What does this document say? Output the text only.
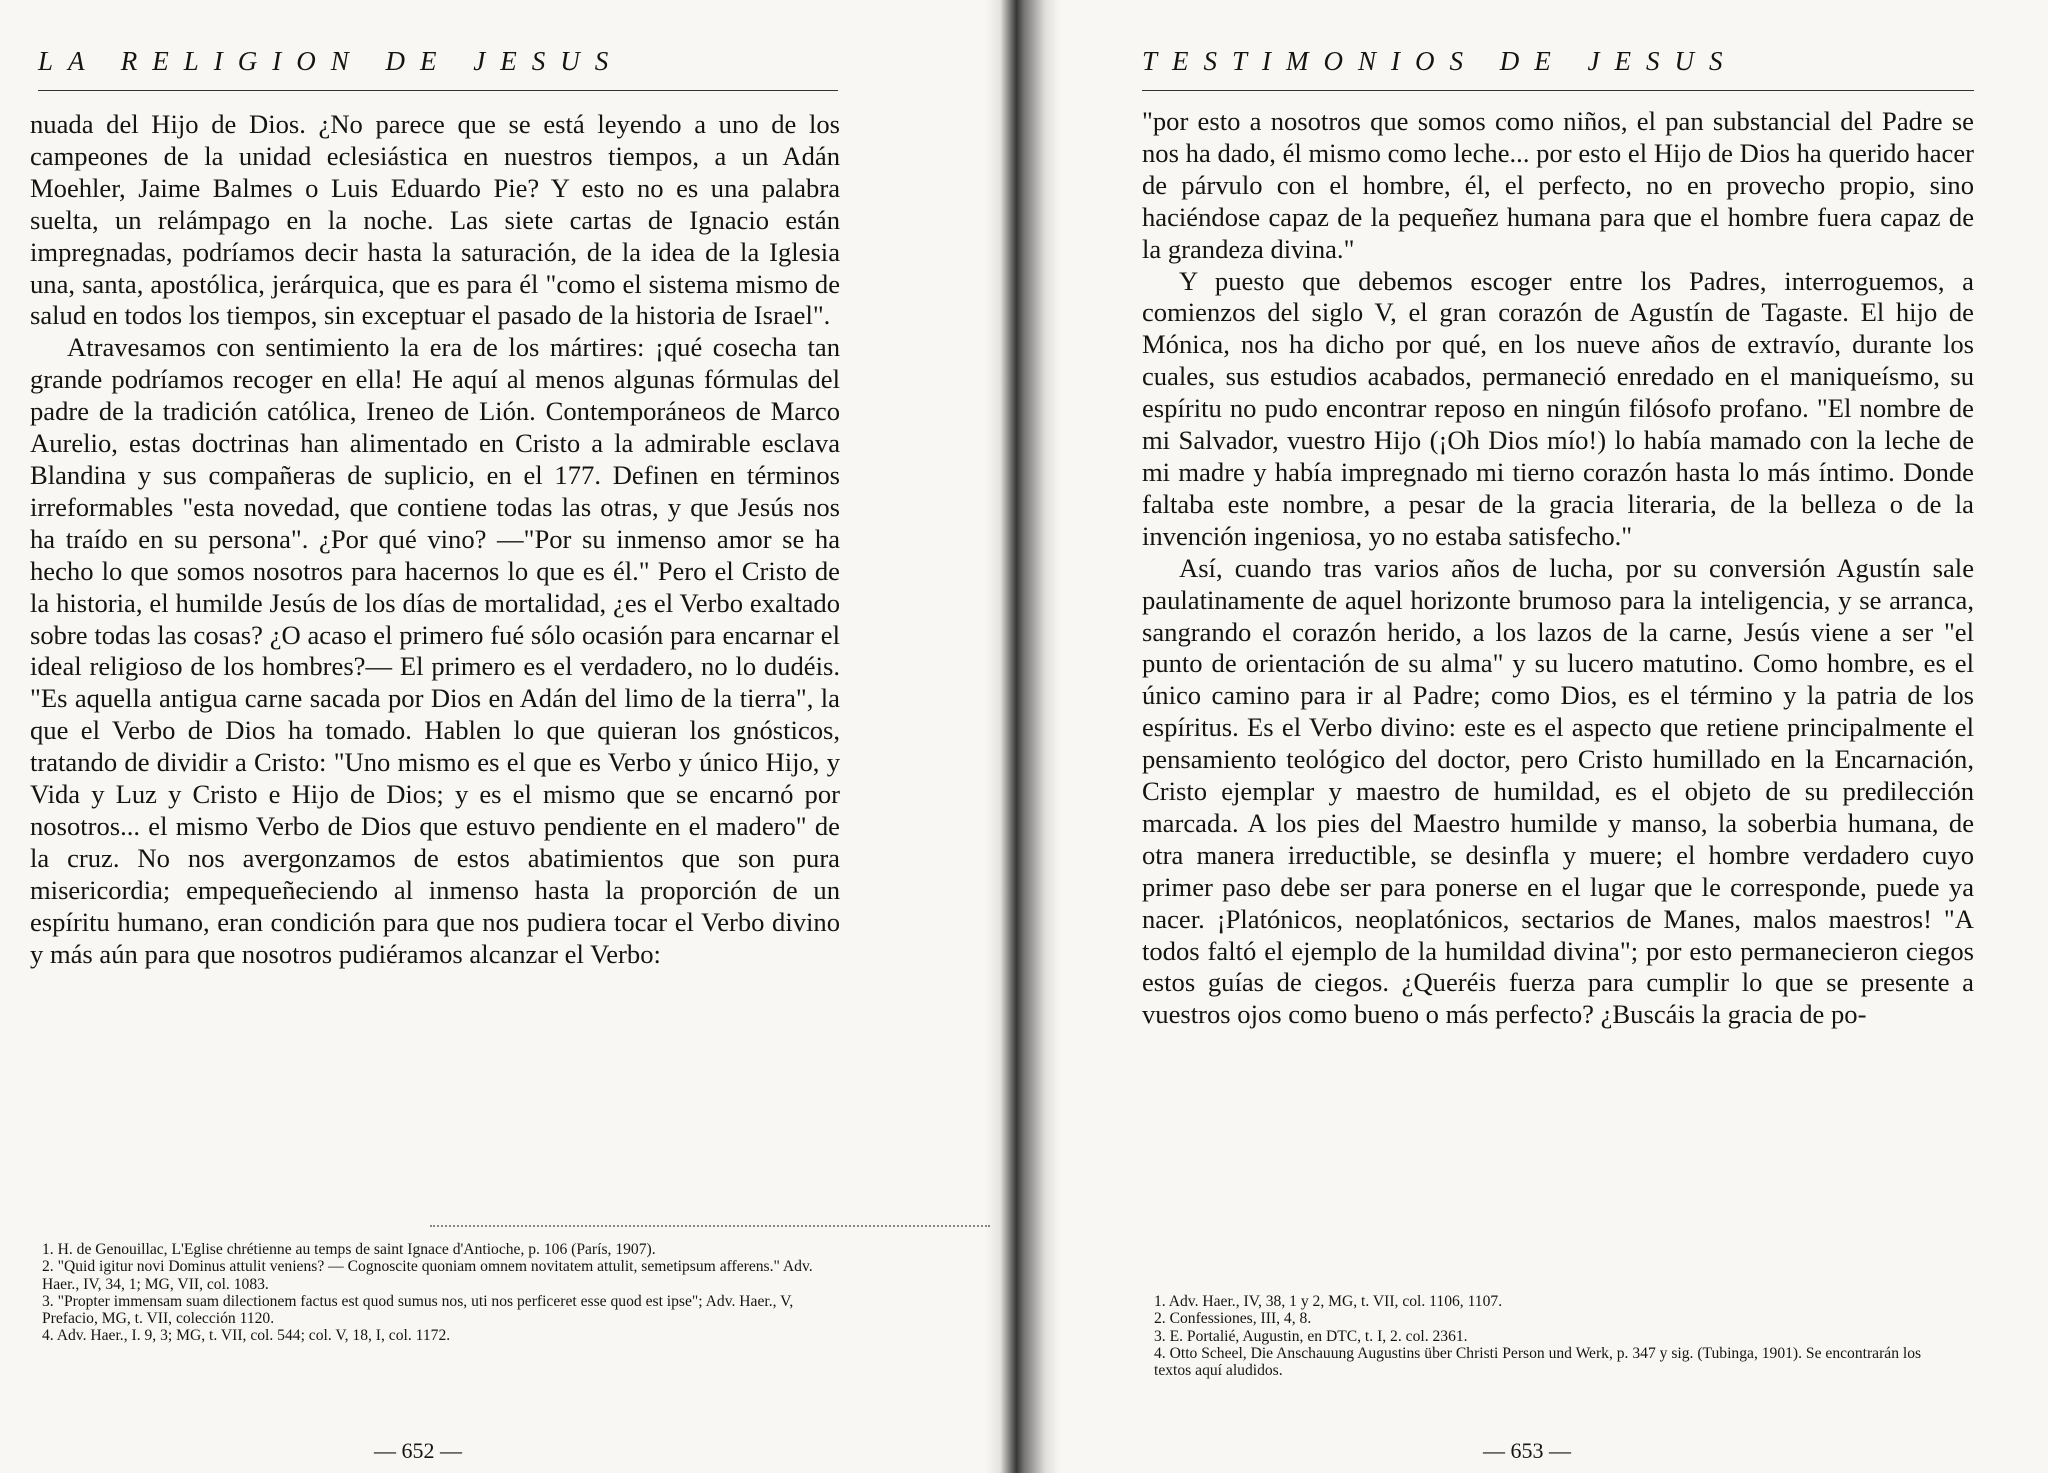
LA RELIGION DE JESUS

nuada del Hijo de Dios. ¿No parece que se está leyendo a uno de los campeones de la unidad eclesiástica en nuestros tiempos, a un Adán Moehler, Jaime Balmes o Luis Eduardo Pie? Y esto no es una palabra suelta, un relámpago en la noche. Las siete cartas de Ignacio están impregnadas, podríamos decir hasta la saturación, de la idea de la Iglesia una, santa, apostólica, jerárquica, que es para él "como el sistema mismo de salud en todos los tiempos, sin exceptuar el pasado de la historia de Israel".

Atravesamos con sentimiento la era de los mártires: ¡qué cosecha tan grande podríamos recoger en ella! He aquí al menos algunas fórmulas del padre de la tradición católica, Ireneo de Lión. Contemporáneos de Marco Aurelio, estas doctrinas han alimentado en Cristo a la admirable esclava Blandina y sus compañeras de suplicio, en el 177. Definen en términos irreformables "esta novedad, que contiene todas las otras, y que Jesús nos ha traído en su persona". ¿Por qué vino? —"Por su inmenso amor se ha hecho lo que somos nosotros para hacernos lo que es él." Pero el Cristo de la historia, el humilde Jesús de los días de mortalidad, ¿es el Verbo exaltado sobre todas las cosas? ¿O acaso el primero fué sólo ocasión para encarnar el ideal religioso de los hombres?— El primero es el verdadero, no lo dudéis. "Es aquella antigua carne sacada por Dios en Adán del limo de la tierra", la que el Verbo de Dios ha tomado. Hablen lo que quieran los gnósticos, tratando de dividir a Cristo: "Uno mismo es el que es Verbo y único Hijo, y Vida y Luz y Cristo e Hijo de Dios; y es el mismo que se encarnó por nosotros... el mismo Verbo de Dios que estuvo pendiente en el madero" de la cruz. No nos avergonzamos de estos abatimientos que son pura misericordia; empequeñeciendo al inmenso hasta la proporción de un espíritu humano, eran condición para que nos pudiera tocar el Verbo divino y más aún para que nosotros pudiéramos alcanzar el Verbo:

1. H. de Genouillac, L'Eglise chrétienne au temps de saint Ignace d'Antioche, p. 106 (París, 1907).

2. "Quid igitur novi Dominus attulit veniens? — Cognoscite quoniam omnem novitatem attulit, semetipsum afferens." Adv. Haer., IV, 34, 1; MG, VII, col. 1083.

3. "Propter immensam suam dilectionem factus est quod sumus nos, uti nos perficeret esse quod est ipse"; Adv. Haer., V, Prefacio, MG, t. VII, colección 1120.

4. Adv. Haer., I. 9, 3; MG, t. VII, col. 544; col. V, 18, I, col. 1172.

— 652 —
TESTIMONIOS DE JESUS

"por esto a nosotros que somos como niños, el pan substancial del Padre se nos ha dado, él mismo como leche... por esto el Hijo de Dios ha querido hacer de párvulo con el hombre, él, el perfecto, no en provecho propio, sino haciéndose capaz de la pequeñez humana para que el hombre fuera capaz de la grandeza divina."

Y puesto que debemos escoger entre los Padres, interroguemos, a comienzos del siglo V, el gran corazón de Agustín de Tagaste. El hijo de Mónica, nos ha dicho por qué, en los nueve años de extravío, durante los cuales, sus estudios acabados, permaneció enredado en el maniqueísmo, su espíritu no pudo encontrar reposo en ningún filósofo profano. "El nombre de mi Salvador, vuestro Hijo (¡Oh Dios mío!) lo había mamado con la leche de mi madre y había impregnado mi tierno corazón hasta lo más íntimo. Donde faltaba este nombre, a pesar de la gracia literaria, de la belleza o de la invención ingeniosa, yo no estaba satisfecho."

Así, cuando tras varios años de lucha, por su conversión Agustín sale paulatinamente de aquel horizonte brumoso para la inteligencia, y se arranca, sangrando el corazón herido, a los lazos de la carne, Jesús viene a ser "el punto de orientación de su alma" y su lucero matutino. Como hombre, es el único camino para ir al Padre; como Dios, es el término y la patria de los espíritus. Es el Verbo divino: este es el aspecto que retiene principalmente el pensamiento teológico del doctor, pero Cristo humillado en la Encarnación, Cristo ejemplar y maestro de humildad, es el objeto de su predilección marcada. A los pies del Maestro humilde y manso, la soberbia humana, de otra manera irreductible, se desinfla y muere; el hombre verdadero cuyo primer paso debe ser para ponerse en el lugar que le corresponde, puede ya nacer. ¡Platónicos, neoplatónicos, sectarios de Manes, malos maestros! "A todos faltó el ejemplo de la humildad divina"; por esto permanecieron ciegos estos guías de ciegos. ¿Queréis fuerza para cumplir lo que se presente a vuestros ojos como bueno o más perfecto? ¿Buscáis la gracia de po-

1. Adv. Haer., IV, 38, 1 y 2, MG, t. VII, col. 1106, 1107.

2. Confessiones, III, 4, 8.

3. E. Portalié, Augustin, en DTC, t. I, 2. col. 2361.

4. Otto Scheel, Die Anschauung Augustins über Christi Person und Werk, p. 347 y sig. (Tubinga, 1901). Se encontrarán los textos aquí aludidos.

— 653 —
